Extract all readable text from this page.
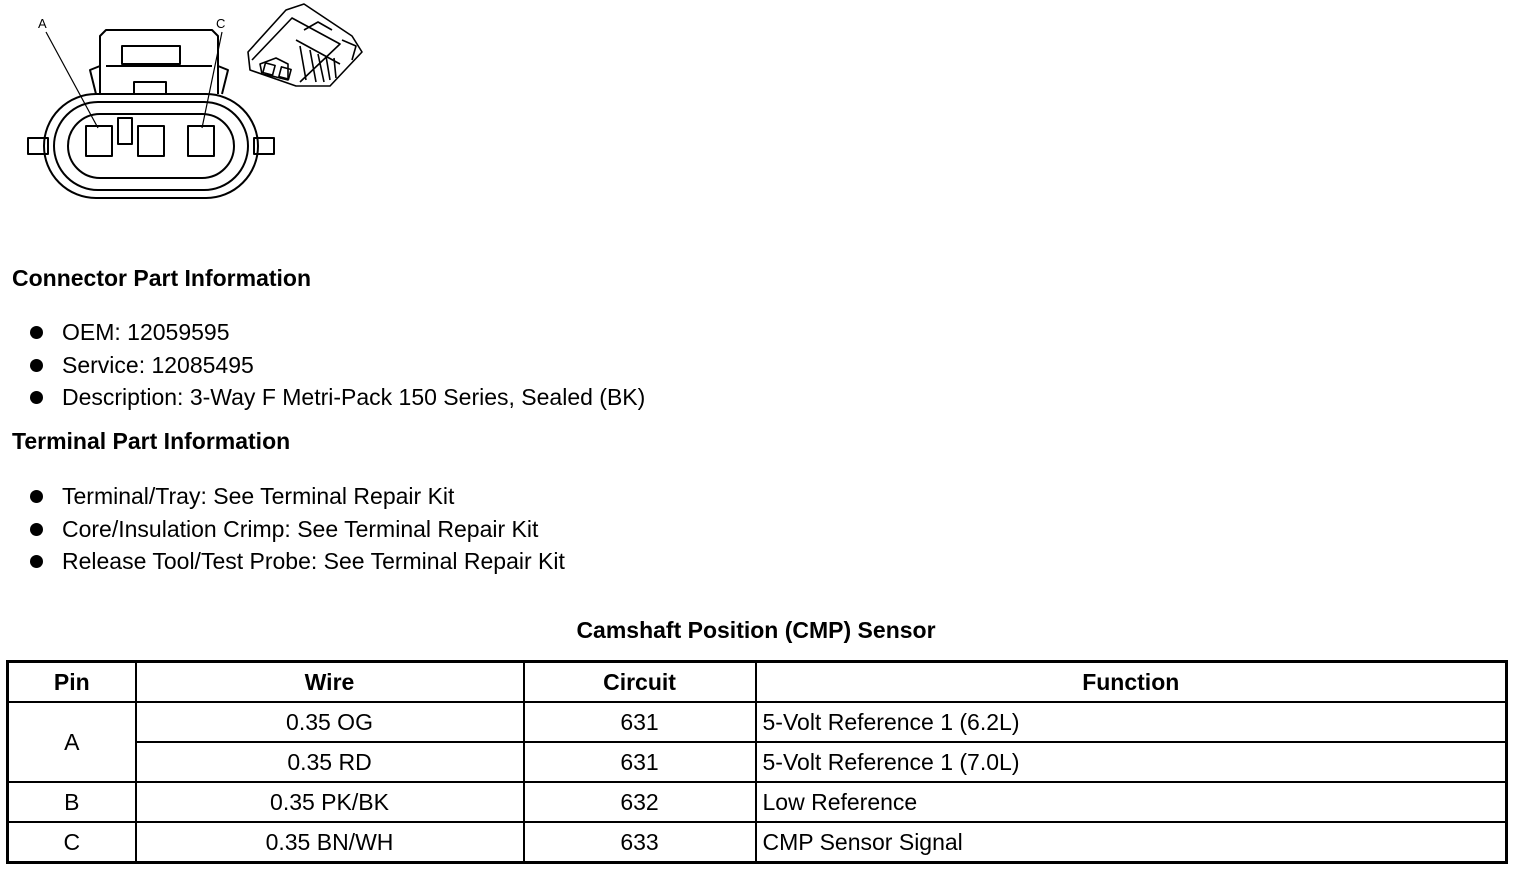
A	C
Connector Part Information
OEM: 12059595
Service: 12085495
Description: 3-Way F Metri-Pack 150 Series, Sealed (BK)
Terminal Part Information
Terminal/Tray: See Terminal Repair Kit
Core/Insulation Crimp: See Terminal Repair Kit
Release Tool/Test Probe: See Terminal Repair Kit
Camshaft Position (CMP) Sensor
Pin	Wire	Circuit	Function
A	0.35 OG	631	5-Volt Reference 1 (6.2L)
	0.35 RD	631	5-Volt Reference 1 (7.0L)
B	0.35 PK/BK	632	Low Reference
C	0.35 BN/WH	633	CMP Sensor Signal
